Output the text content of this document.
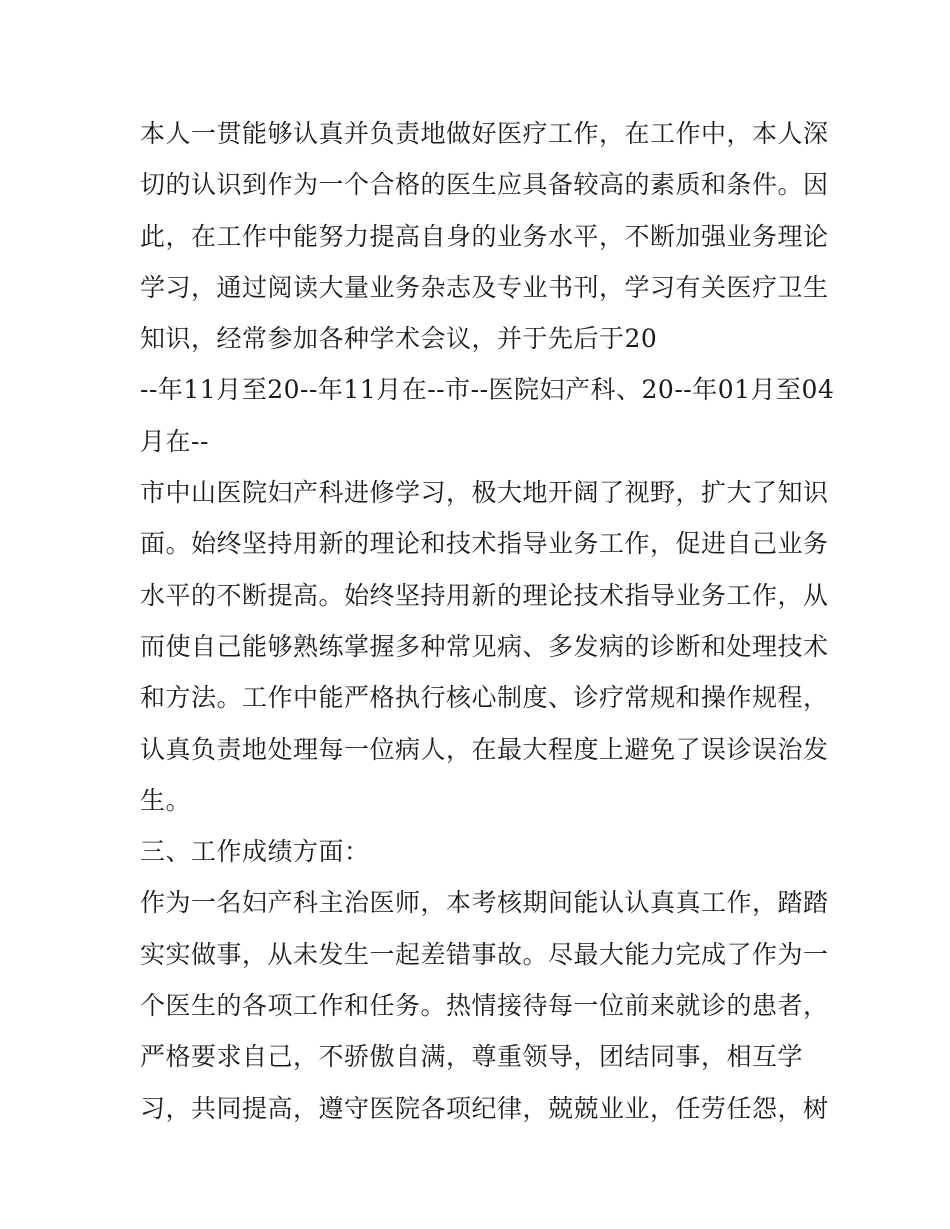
本人一贯能够认真并负责地做好医疗工作，在工作中，本人深
切的认识到作为一个合格的医生应具备较高的素质和条件。因
此，在工作中能努力提高自身的业务水平，不断加强业务理论
学习，通过阅读大量业务杂志及专业书刊，学习有关医疗卫生
知识，经常参加各种学术会议，并于先后于20
--年11月至20--年11月在--市--医院妇产科、20--年01月至04
月在--
市中山医院妇产科进修学习，极大地开阔了视野，扩大了知识
面。始终坚持用新的理论和技术指导业务工作，促进自己业务
水平的不断提高。始终坚持用新的理论技术指导业务工作，从
而使自己能够熟练掌握多种常见病、多发病的诊断和处理技术
和方法。工作中能严格执行核心制度、诊疗常规和操作规程，
认真负责地处理每一位病人，在最大程度上避免了误诊误治发
生。
三、工作成绩方面：
作为一名妇产科主治医师，本考核期间能认认真真工作，踏踏
实实做事，从未发生一起差错事故。尽最大能力完成了作为一
个医生的各项工作和任务。热情接待每一位前来就诊的患者，
严格要求自己，不骄傲自满，尊重领导，团结同事，相互学
习，共同提高，遵守医院各项纪律，兢兢业业，任劳任怨，树
